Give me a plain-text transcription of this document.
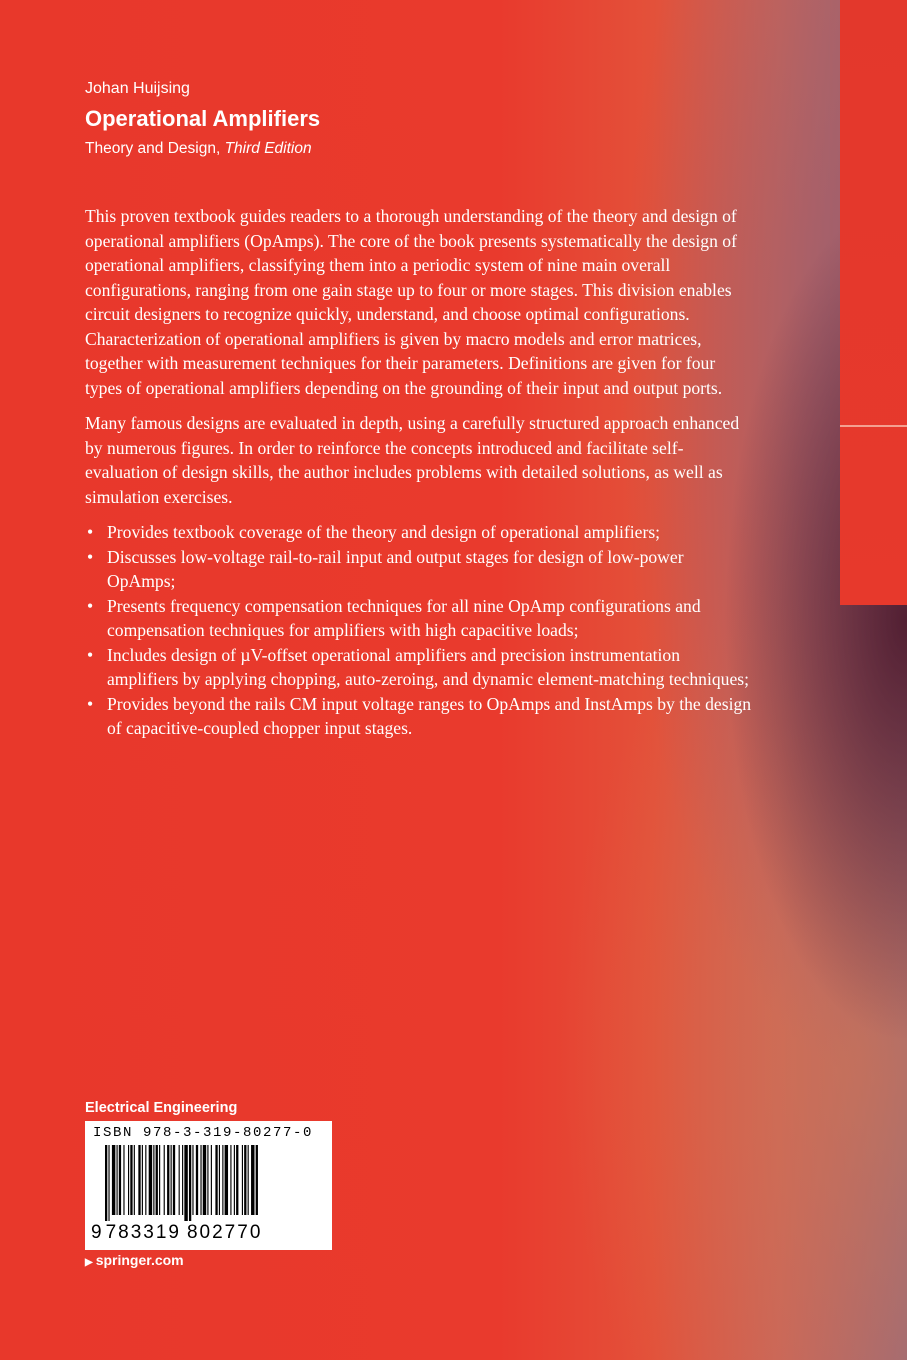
Johan Huijsing
Operational Amplifiers
Theory and Design, Third Edition

This proven textbook guides readers to a thorough understanding of the theory and design of operational amplifiers (OpAmps). The core of the book presents systematically the design of operational amplifiers, classifying them into a periodic system of nine main overall configurations, ranging from one gain stage up to four or more stages. This division enables circuit designers to recognize quickly, understand, and choose optimal configurations. Characterization of operational amplifiers is given by macro models and error matrices, together with measurement techniques for their parameters. Definitions are given for four types of operational amplifiers depending on the grounding of their input and output ports.

Many famous designs are evaluated in depth, using a carefully structured approach enhanced by numerous figures. In order to reinforce the concepts introduced and facilitate self-evaluation of design skills, the author includes problems with detailed solutions, as well as simulation exercises.

• Provides textbook coverage of the theory and design of operational amplifiers;
• Discusses low-voltage rail-to-rail input and output stages for design of low-power OpAmps;
• Presents frequency compensation techniques for all nine OpAmp configurations and compensation techniques for amplifiers with high capacitive loads;
• Includes design of µV-offset operational amplifiers and precision instrumentation amplifiers by applying chopping, auto-zeroing, and dynamic element-matching techniques;
• Provides beyond the rails CM input voltage ranges to OpAmps and InstAmps by the design of capacitive-coupled chopper input stages.
Electrical Engineering
ISBN 978-3-319-80277-0
9 783319 802770
▶ springer.com
